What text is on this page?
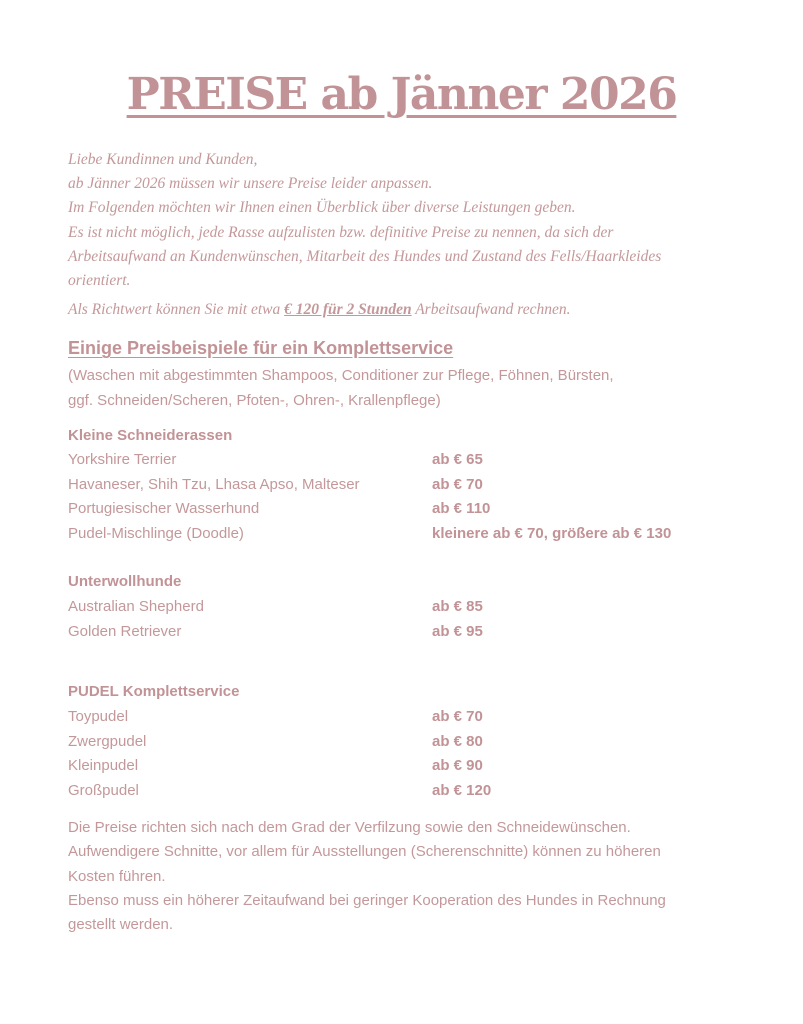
PREISE ab Jänner 2026

Liebe Kundinnen und Kunden,

ab Jänner 2026 müssen wir unsere Preise leider anpassen.

Im Folgenden möchten wir Ihnen einen Überblick über diverse Leistungen geben.

Es ist nicht möglich, jede Rasse aufzulisten bzw. definitive Preise zu nennen, da sich der

Arbeitsaufwand an Kundenwünschen, Mitarbeit des Hundes und Zustand des Fells/Haarkleides

orientiert.

Als Richtwert können Sie mit etwa € 120 für 2 Stunden Arbeitsaufwand rechnen.
Einige Preisbeispiele für ein Komplettservice
(Waschen mit abgestimmten Shampoos, Conditioner zur Pflege, Föhnen, Bürsten,
ggf. Schneiden/Scheren, Pfoten-, Ohren-, Krallenpflege)
Kleine Schneiderassen
Yorkshire Terrier	ab € 65
Havaneser, Shih Tzu, Lhasa Apso, Malteser	ab € 70
Portugiesischer Wasserhund	ab € 110
Pudel-Mischlinge (Doodle)	kleinere ab € 70, größere ab € 130
Unterwollhunde
Australian Shepherd	ab € 85
Golden Retriever	ab € 95
PUDEL Komplettservice
Toypudel	ab € 70
Zwergpudel	ab € 80
Kleinpudel	ab € 90
Großpudel	ab € 120

Die Preise richten sich nach dem Grad der Verfilzung sowie den Schneidewünschen.

Aufwendigere Schnitte, vor allem für Ausstellungen (Scherenschnitte) können zu höheren

Kosten führen.

Ebenso muss ein höherer Zeitaufwand bei geringer Kooperation des Hundes in Rechnung

gestellt werden.
